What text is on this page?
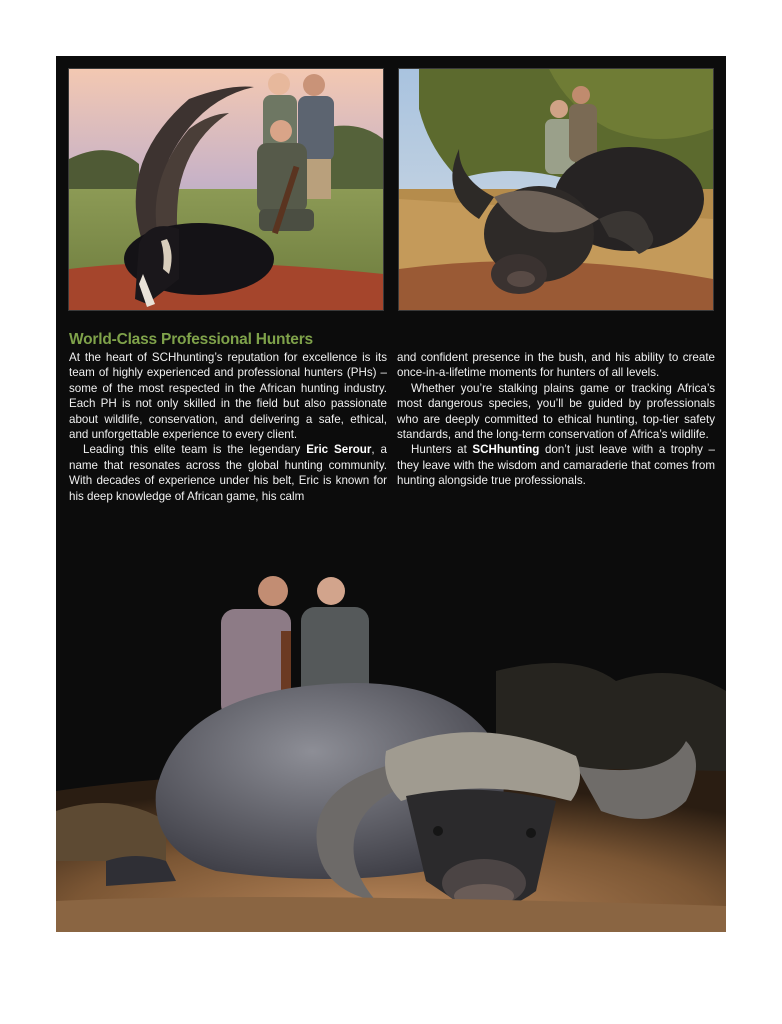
World-Class Professional Hunters

At the heart of SCHhunting’s reputation for excellence is its team of highly experienced and professional hunters (PHs) – some of the most respected in the African hunting industry. Each PH is not only skilled in the field but also passionate about wildlife, conservation, and delivering a safe, ethical, and unforgettable experience to every client.

Leading this elite team is the legendary Eric Serour, a name that resonates across the global hunting community. With decades of experience under his belt, Eric is known for his deep knowledge of African game, his calm

and confident presence in the bush, and his ability to create once-in-a-lifetime moments for hunters of all levels.

Whether you’re stalking plains game or tracking Africa’s most dangerous species, you’ll be guided by professionals who are deeply committed to ethical hunting, top-tier safety standards, and the long-term conservation of Africa’s wildlife.

Hunters at SCHhunting don’t just leave with a trophy – they leave with the wisdom and camaraderie that comes from hunting alongside true professionals.
